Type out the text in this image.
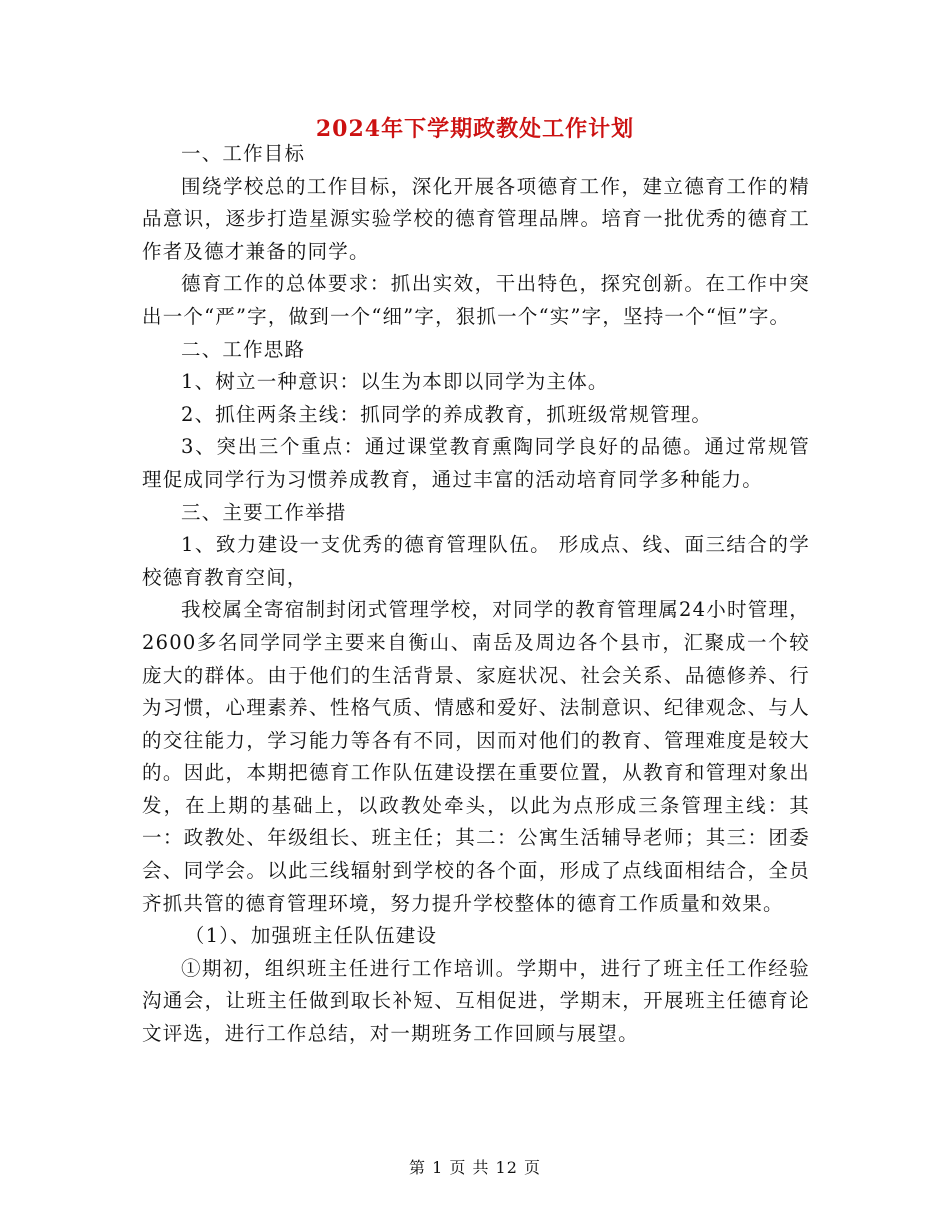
2024年下学期政教处工作计划

一、工作目标

围绕学校总的工作目标，深化开展各项德育工作，建立德育工作的精品意识，逐步打造星源实验学校的德育管理品牌。培育一批优秀的德育工作者及德才兼备的同学。

德育工作的总体要求：抓出实效，干出特色，探究创新。在工作中突出一个“严”字，做到一个“细”字，狠抓一个“实”字，坚持一个“恒”字。

二、工作思路

1、树立一种意识：以生为本即以同学为主体。

2、抓住两条主线：抓同学的养成教育，抓班级常规管理。

3、突出三个重点：通过课堂教育熏陶同学良好的品德。通过常规管理促成同学行为习惯养成教育，通过丰富的活动培育同学多种能力。

三、主要工作举措

1、致力建设一支优秀的德育管理队伍。 形成点、线、面三结合的学校德育教育空间，

我校属全寄宿制封闭式管理学校，对同学的教育管理属24小时管理，2600多名同学同学主要来自衡山、南岳及周边各个县市，汇聚成一个较庞大的群体。由于他们的生活背景、家庭状况、社会关系、品德修养、行为习惯，心理素养、性格气质、情感和爱好、法制意识、纪律观念、与人的交往能力，学习能力等各有不同，因而对他们的教育、管理难度是较大的。因此，本期把德育工作队伍建设摆在重要位置，从教育和管理对象出发，在上期的基础上，以政教处牵头，以此为点形成三条管理主线：其一：政教处、年级组长、班主任；其二：公寓生活辅导老师；其三：团委会、同学会。以此三线辐射到学校的各个面，形成了点线面相结合，全员齐抓共管的德育管理环境，努力提升学校整体的德育工作质量和效果。

（1）、加强班主任队伍建设

①期初，组织班主任进行工作培训。学期中，进行了班主任工作经验沟通会，让班主任做到取长补短、互相促进，学期末，开展班主任德育论文评选，进行工作总结，对一期班务工作回顾与展望。

第 1 页 共 12 页
